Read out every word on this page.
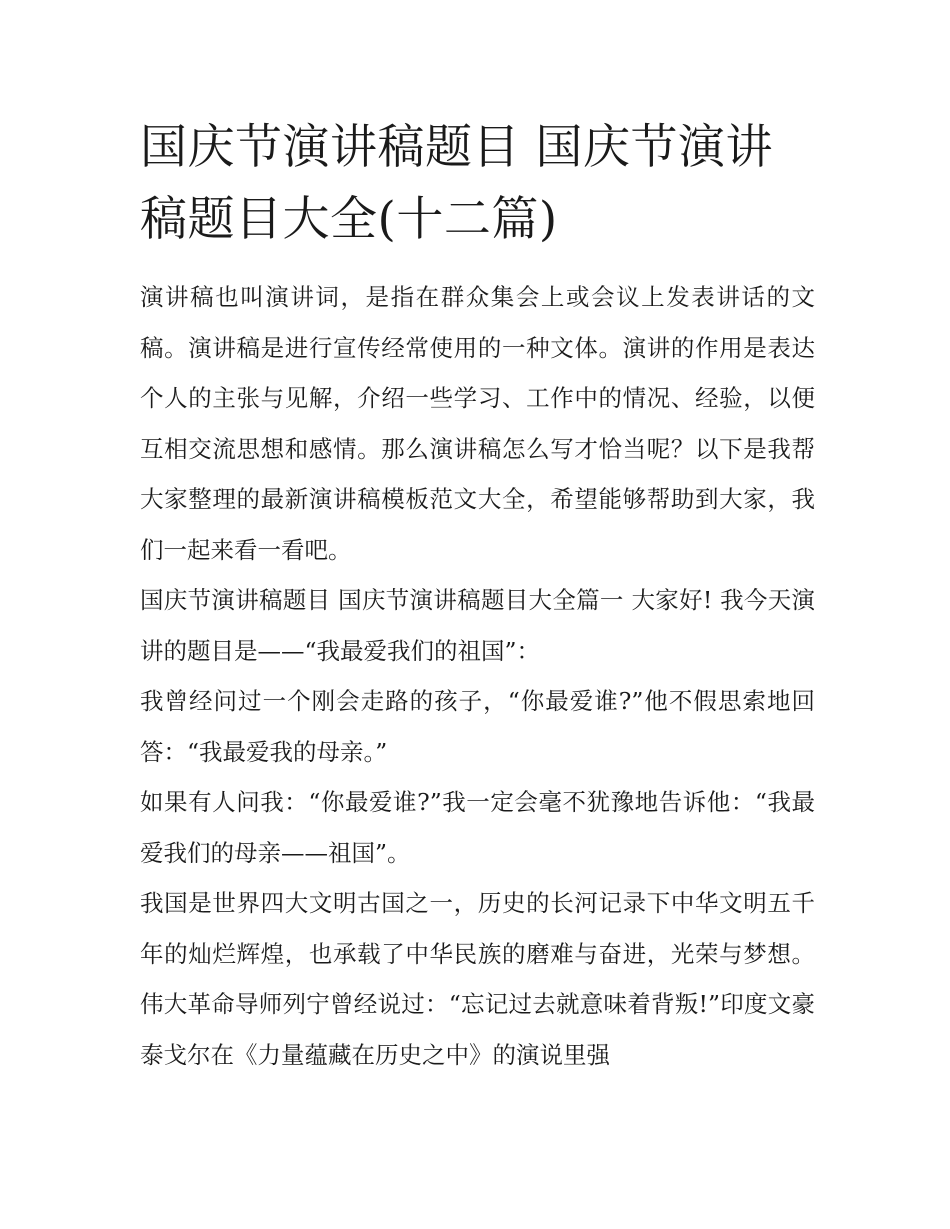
国庆节演讲稿题目 国庆节演讲稿题目大全(十二篇)

演讲稿也叫演讲词，是指在群众集会上或会议上发表讲话的文稿。演讲稿是进行宣传经常使用的一种文体。演讲的作用是表达个人的主张与见解，介绍一些学习、工作中的情况、经验，以便互相交流思想和感情。那么演讲稿怎么写才恰当呢？以下是我帮大家整理的最新演讲稿模板范文大全，希望能够帮助到大家，我们一起来看一看吧。

国庆节演讲稿题目 国庆节演讲稿题目大全篇一 大家好! 我今天演讲的题目是——“我最爱我们的祖国”：

我曾经问过一个刚会走路的孩子，“你最爱谁?”他不假思索地回答：“我最爱我的母亲。”

如果有人问我：“你最爱谁?”我一定会毫不犹豫地告诉他：“我最爱我们的母亲——祖国”。

我国是世界四大文明古国之一，历史的长河记录下中华文明五千年的灿烂辉煌，也承载了中华民族的磨难与奋进，光荣与梦想。伟大革命导师列宁曾经说过：“忘记过去就意味着背叛!”印度文豪泰戈尔在《力量蕴藏在历史之中》的演说里强
